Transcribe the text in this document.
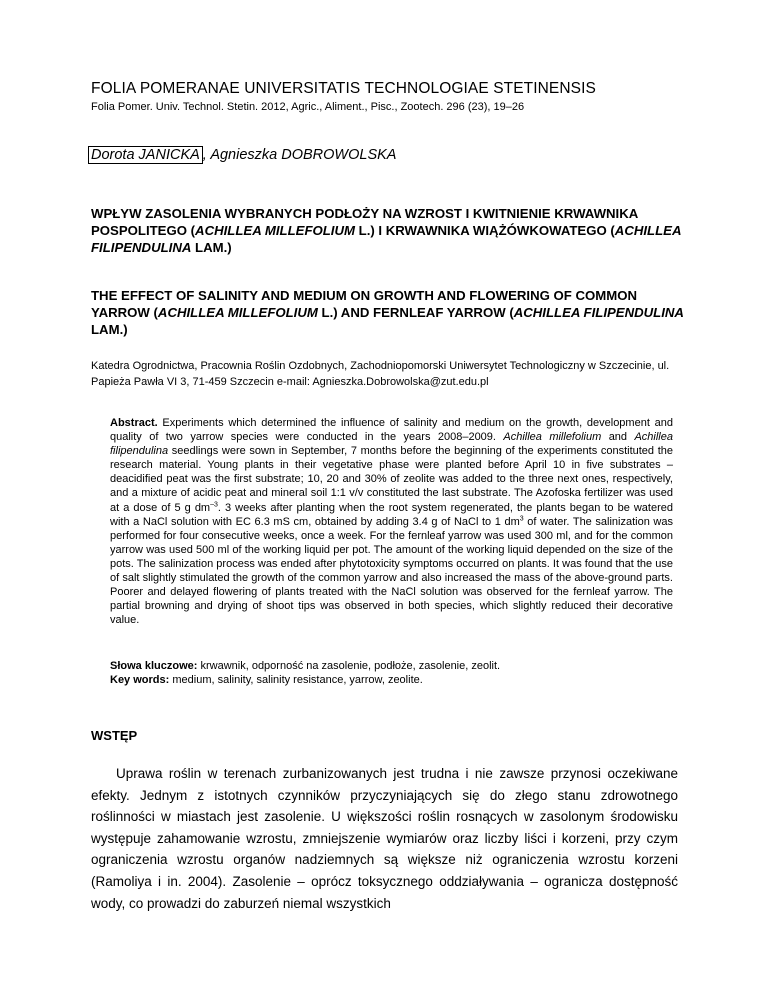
FOLIA POMERANAE UNIVERSITATIS TECHNOLOGIAE STETINENSIS
Folia Pomer. Univ. Technol. Stetin. 2012, Agric., Aliment., Pisc., Zootech. 296 (23), 19–26
Dorota JANICKA , Agnieszka DOBROWOLSKA
WPŁYW ZASOLENIA WYBRANYCH PODŁOŻY NA WZROST I KWITNIENIE KRWAWNIKA POSPOLITEGO (ACHILLEA MILLEFOLIUM L.) I KRWAWNIKA WIĄŻÓWKOWATEGO (ACHILLEA FILIPENDULINA LAM.)
THE EFFECT OF SALINITY AND MEDIUM ON GROWTH AND FLOWERING OF COMMON YARROW (ACHILLEA MILLEFOLIUM L.) AND FERNLEAF YARROW (ACHILLEA FILIPENDULINA LAM.)
Katedra Ogrodnictwa, Pracownia Roślin Ozdobnych, Zachodniopomorski Uniwersytet Technologiczny w Szczecinie, ul. Papieża Pawła VI 3, 71-459 Szczecin e-mail: Agnieszka.Dobrowolska@zut.edu.pl
Abstract. Experiments which determined the influence of salinity and medium on the growth, development and quality of two yarrow species were conducted in the years 2008–2009. Achillea millefolium and Achillea filipendulina seedlings were sown in September, 7 months before the beginning of the experiments constituted the research material. Young plants in their vegetative phase were planted before April 10 in five substrates – deacidified peat was the first substrate; 10, 20 and 30% of zeolite was added to the three next ones, respectively, and a mixture of acidic peat and mineral soil 1:1 v/v constituted the last substrate. The Azofoska fertilizer was used at a dose of 5 g $dm^{-3}$. 3 weeks after planting when the root system regenerated, the plants began to be watered with a NaCl solution with EC 6.3 mS cm, obtained by adding 3.4 g of NaCl to 1 $dm^3$ of water. The salinization was performed for four consecutive weeks, once a week. For the fernleaf yarrow was used 300 ml, and for the common yarrow was used 500 ml of the working liquid per pot. The amount of the working liquid depended on the size of the pots. The salinization process was ended after phytotoxicity symptoms occurred on plants. It was found that the use of salt slightly stimulated the growth of the common yarrow and also increased the mass of the above-ground parts. Poorer and delayed flowering of plants treated with the NaCl solution was observed for the fernleaf yarrow. The partial browning and drying of shoot tips was observed in both species, which slightly reduced their decorative value.
Słowa kluczowe: krwawnik, odporność na zasolenie, podłoże, zasolenie, zeolit.
Key words: medium, salinity, salinity resistance, yarrow, zeolite.
WSTĘP
Uprawa roślin w terenach zurbanizowanych jest trudna i nie zawsze przynosi oczekiwane efekty. Jednym z istotnych czynników przyczyniających się do złego stanu zdrowotnego roślinności w miastach jest zasolenie. U większości roślin rosnących w zasolonym środowisku występuje zahamowanie wzrostu, zmniejszenie wymiarów oraz liczby liści i korzeni, przy czym ograniczenia wzrostu organów nadziemnych są większe niż ograniczenia wzrostu korzeni (Ramoliya i in. 2004). Zasolenie – oprócz toksycznego oddziaływania – ogranicza dostępność wody, co prowadzi do zaburzeń niemal wszystkich
